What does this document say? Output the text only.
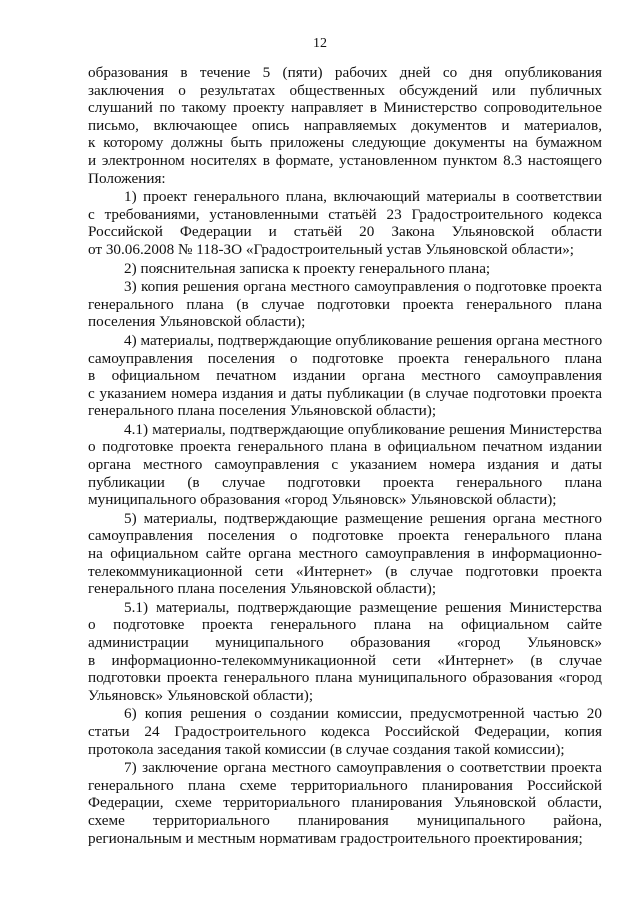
12
образования в течение 5 (пяти) рабочих дней со дня опубликования
заключения о результатах общественных обсуждений или публичных
слушаний по такому проекту направляет в Министерство сопроводительное
письмо, включающее опись направляемых документов и материалов,
к которому должны быть приложены следующие документы на бумажном
и электронном носителях в формате, установленном пунктом 8.3 настоящего
Положения:
1) проект генерального плана, включающий материалы в соответствии
с требованиями, установленными статьёй 23 Градостроительного кодекса
Российской Федерации и статьёй 20 Закона Ульяновской области
от 30.06.2008 № 118-ЗО «Градостроительный устав Ульяновской области»;
2) пояснительная записка к проекту генерального плана;
3) копия решения органа местного самоуправления о подготовке проекта
генерального плана (в случае подготовки проекта генерального плана
поселения Ульяновской области);
4) материалы, подтверждающие опубликование решения органа местного
самоуправления поселения о подготовке проекта генерального плана
в официальном печатном издании органа местного самоуправления
с указанием номера издания и даты публикации (в случае подготовки проекта
генерального плана поселения Ульяновской области);
4.1) материалы, подтверждающие опубликование решения Министерства
о подготовке проекта генерального плана в официальном печатном издании
органа местного самоуправления с указанием номера издания и даты
публикации (в случае подготовки проекта генерального плана
муниципального образования «город Ульяновск» Ульяновской области);
5) материалы, подтверждающие размещение решения органа местного
самоуправления поселения о подготовке проекта генерального плана
на официальном сайте органа местного самоуправления в информационно-
телекоммуникационной сети «Интернет» (в случае подготовки проекта
генерального плана поселения Ульяновской области);
5.1) материалы, подтверждающие размещение решения Министерства
о подготовке проекта генерального плана на официальном сайте
администрации муниципального образования «город Ульяновск»
в информационно-телекоммуникационной сети «Интернет» (в случае
подготовки проекта генерального плана муниципального образования «город
Ульяновск» Ульяновской области);
6) копия решения о создании комиссии, предусмотренной частью 20
статьи 24 Градостроительного кодекса Российской Федерации, копия
протокола заседания такой комиссии (в случае создания такой комиссии);
7) заключение органа местного самоуправления о соответствии проекта
генерального плана схеме территориального планирования Российской
Федерации, схеме территориального планирования Ульяновской области,
схеме территориального планирования муниципального района,
региональным и местным нормативам градостроительного проектирования;
